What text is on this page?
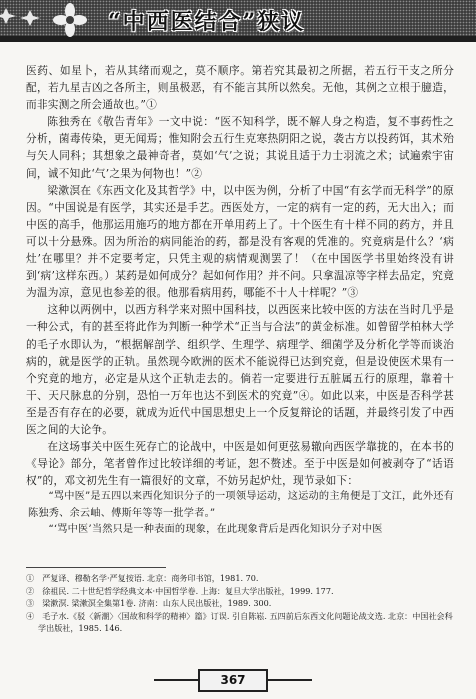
“中西医结合”狭议

医药、如星卜，若从其绪而观之，莫不顺序。第若究其最初之所据，若五行干支之所分配，若九星吉凶之各所主，则虽极恶，有不能言其所以然矣。无他，其例之立根于臆造，而非实测之所会通故也。”①

陈独秀在《敬告青年》一文中说：“医不知科学，既不解人身之构造，复不事药性之分析，菌毒传染，更无闻焉；惟知附会五行生克寒热阴阳之说，袭古方以投药饵，其术殆与矢人同科；其想象之最神奇者，莫如‘气’之说；其说且适于力士羽流之术；试遍索宇宙间，诚不知此‘气’之果为何物也！”②

梁漱溟在《东西文化及其哲学》中，以中医为例，分析了中国“有玄学而无科学”的原因。“中国说是有医学，其实还是手艺。西医处方，一定的病有一定的药，无大出入；而中医的高手，他那运用施巧的地方都在开单用药上了。十个医生有十样不同的药方，并且可以十分悬殊。因为所治的病同能治的药，都是没有客观的凭准的。究竟病是什么？‘病灶’在哪里？并不定要考定，只凭主观的病情观测罢了！（在中国医学书里始终没有讲到‘病’这样东西。）某药是如何成分？起如何作用？并不问。只拿温凉等字样去品定，究竟为温为凉，意见也参差的很。他那看病用药，哪能不十人十样呢？”③

这种以两例中，以西方科学来对照中国科技，以西医来比较中医的方法在当时几乎是一种公式，有的甚至将此作为判断一种学术“正当与合法”的黄金标准。如曾留学柏林大学的毛子水即认为，“根据解剖学、组织学、生理学、病理学、细菌学及分析化学等而谈治病的，就是医学的正轨。虽然现今欧洲的医术不能说得已达到究竟，但是设使医术果有一个究竟的地方，必定是从这个正轨走去的。倘若一定要进行五脏属五行的原理，靠着十干、天尺脉息的分别，恐怕一万年也达不到医术的究竟”④。如此以来，中医是否科学甚至是否有存在的必要，就成为近代中国思想史上一个反复辩论的话题，并最终引发了中西医之间的大论争。

在这场事关中医生死存亡的论战中，中医是如何更弦易辙向西医学靠拢的，在本书的《导论》部分，笔者曾作过比较详细的考证，恕不赘述。至于中医是如何被剥夺了“话语权”的，邓文初先生有一篇很好的文章，不妨另起炉灶，现节录如下：

“骂中医”是五四以来西化知识分子的一项领导运动，这运动的主角便是丁文江，此外还有陈独秀、余云岫、傅斯年等等一批学者。”

“‘骂中医’当然只是一种表面的现象，在此现象背后是西化知识分子对中医

①　严复译、穆勒名学·严复按语. 北京：商务印书馆，1981. 70.

②　徐祖民. 二十世纪哲学经典文本·中国哲学卷. 上海：复旦大学出版社，1999. 177.

③　梁漱溟. 梁漱溟全集第1卷. 济南：山东人民出版社，1989. 300.

④　毛子水.《驳〈新潮〉〈国故和科学的精神〉篇》订误. 引自陈崧. 五四前后东西文化问题论战文选. 北京：中国社会科学出版社，1985. 146.

367
